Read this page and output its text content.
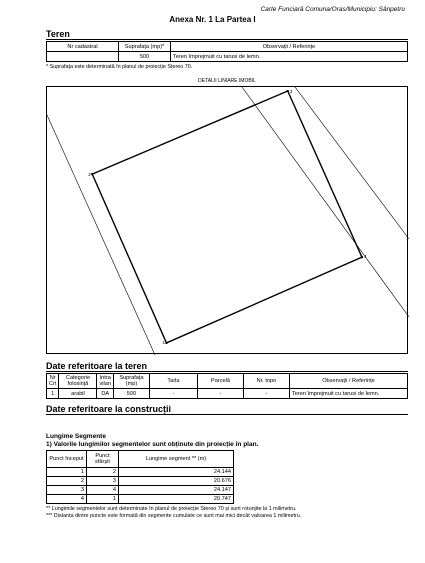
Carte Funciară Comuna/Oras/Municipiu: Sânpetru
Anexa Nr. 1 La Partea I
Teren
Nr cadastral	Suprafața (mp)*	Observații / Referințe
	500	Teren împrejmuit cu tarusi de lemn.
* Suprafața este determinată în planul de proiecție Stereo 70.
DETALII LINIARE IMOBIL
1
2
3
4
Date referitoare la teren
Nr Crt	Categorie folosință	Intra vilan	Suprafața (mp)	Tarla	Parcelă	Nr. topo	Observații / Referințe
1	arabil	DA	500	-	-	-	Teren împrejmuit cu tarusi de lemn.
Date referitoare la construcții
Lungime Segmente
1) Valorile lungimilor segmentelor sunt obținute din proiecție în plan.
Punct început	Punct sfârșit	Lungime segment ** (m)
1	2	24.144
2	3	20.676
3	4	24.147
4	1	20.747
** Lungimile segmentelor sunt determinate în planul de proiecție Stereo 70 și sunt rotunjite la 1 milimetru.
*** Distanța dintre puncte este formată din segmente cumulate ce sunt mai mici decât valoarea 1 milimetru.
